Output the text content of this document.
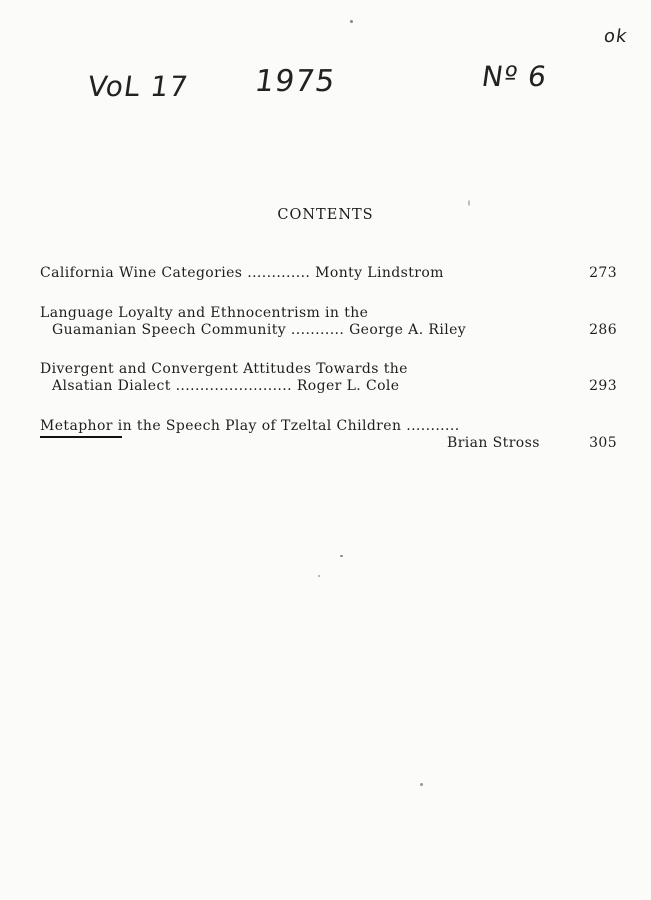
VoL 17 1975	Nº 6
ok
CONTENTS
California Wine Categories ............. Monty Lindstrom	273
Language Loyalty and Ethnocentrism in the
Guamanian Speech Community ........... George A. Riley	286
Divergent and Convergent Attitudes Towards the
Alsatian Dialect ........................ Roger L. Cole	293
Metaphor in the Speech Play of Tzeltal Children ...........
Brian Stross	305
